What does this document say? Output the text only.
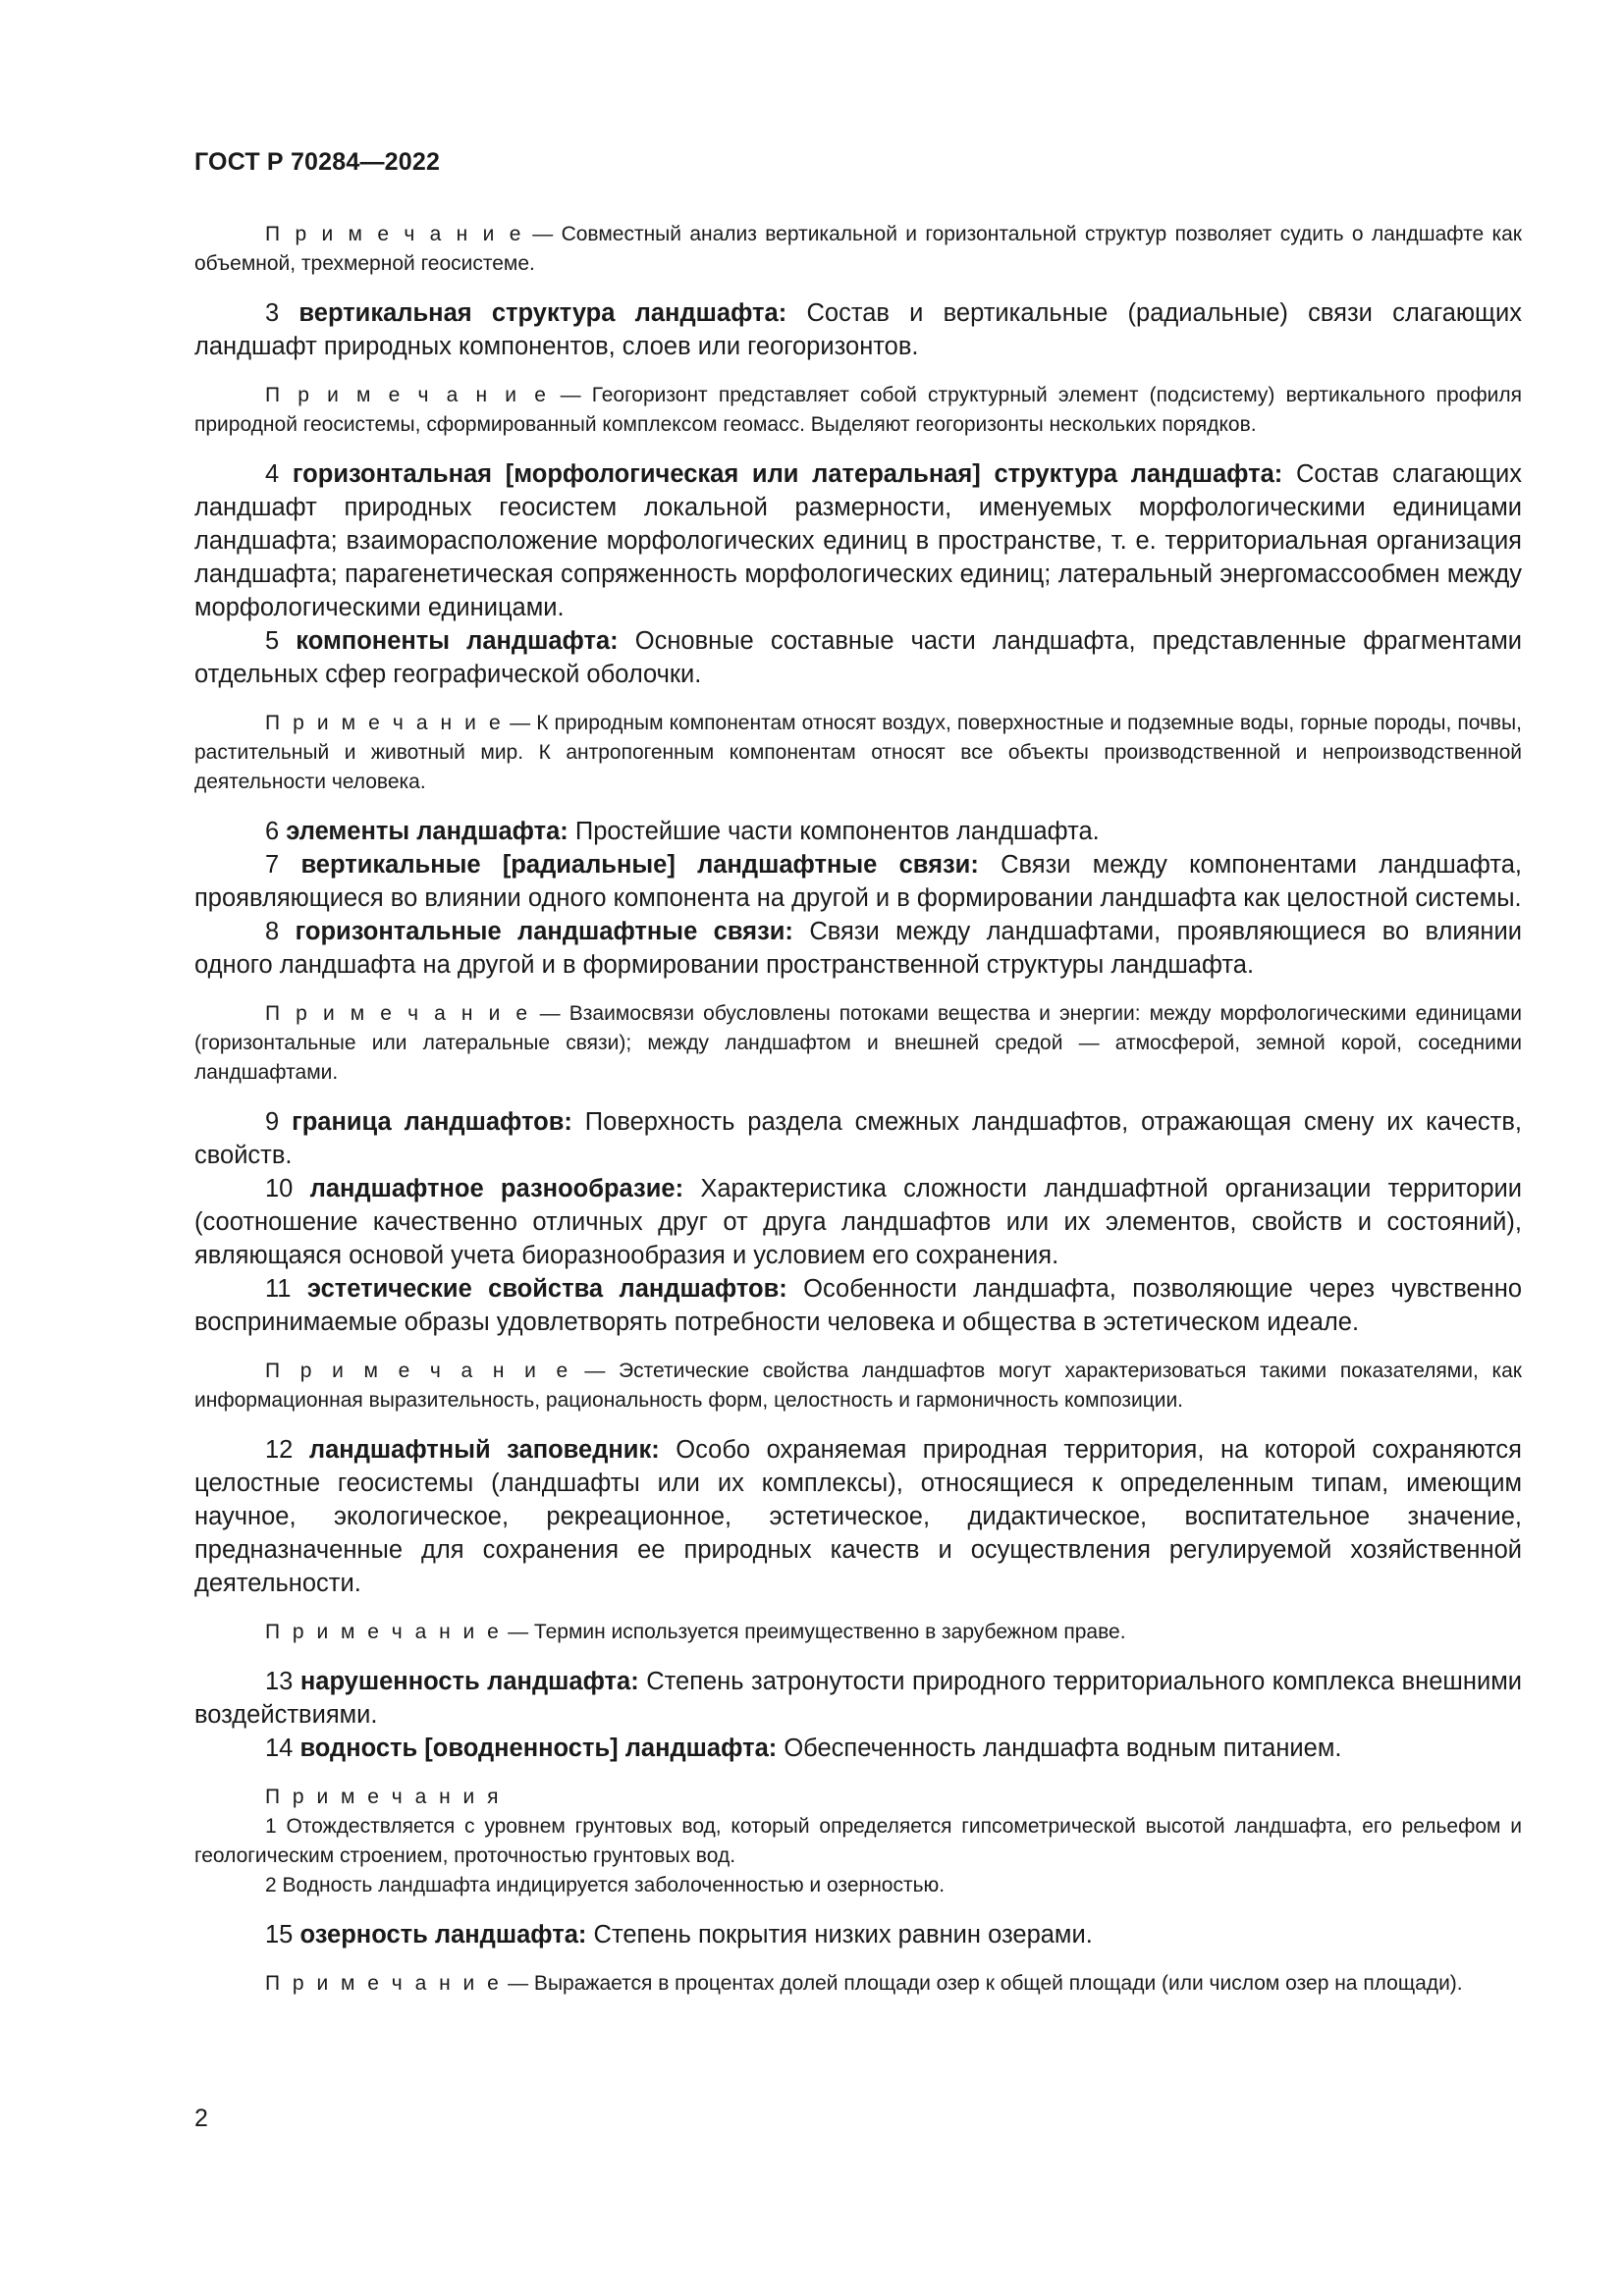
ГОСТ Р 70284—2022

П р и м е ч а н и е — Совместный анализ вертикальной и горизонтальной структур позволяет судить о ландшафте как объемной, трехмерной геосистеме.

3 вертикальная структура ландшафта: Состав и вертикальные (радиальные) связи слагающих ландшафт природных компонентов, слоев или геогоризонтов.

П р и м е ч а н и е — Геогоризонт представляет собой структурный элемент (подсистему) вертикального профиля природной геосистемы, сформированный комплексом геомасс. Выделяют геогоризонты нескольких порядков.

4 горизонтальная [морфологическая или латеральная] структура ландшафта: Состав слагающих ландшафт природных геосистем локальной размерности, именуемых морфологическими единицами ландшафта; взаиморасположение морфологических единиц в пространстве, т. е. территориальная организация ландшафта; парагенетическая сопряженность морфологических единиц; латеральный энергомассообмен между морфологическими единицами.

5 компоненты ландшафта: Основные составные части ландшафта, представленные фрагментами отдельных сфер географической оболочки.

П р и м е ч а н и е — К природным компонентам относят воздух, поверхностные и подземные воды, горные породы, почвы, растительный и животный мир. К антропогенным компонентам относят все объекты производственной и непроизводственной деятельности человека.

6 элементы ландшафта: Простейшие части компонентов ландшафта.

7 вертикальные [радиальные] ландшафтные связи: Связи между компонентами ландшафта, проявляющиеся во влиянии одного компонента на другой и в формировании ландшафта как целостной системы.

8 горизонтальные ландшафтные связи: Связи между ландшафтами, проявляющиеся во влиянии одного ландшафта на другой и в формировании пространственной структуры ландшафта.

П р и м е ч а н и е — Взаимосвязи обусловлены потоками вещества и энергии: между морфологическими единицами (горизонтальные или латеральные связи); между ландшафтом и внешней средой — атмосферой, земной корой, соседними ландшафтами.

9 граница ландшафтов: Поверхность раздела смежных ландшафтов, отражающая смену их качеств, свойств.

10 ландшафтное разнообразие: Характеристика сложности ландшафтной организации территории (соотношение качественно отличных друг от друга ландшафтов или их элементов, свойств и состояний), являющаяся основой учета биоразнообразия и условием его сохранения.

11 эстетические свойства ландшафтов: Особенности ландшафта, позволяющие через чувственно воспринимаемые образы удовлетворять потребности человека и общества в эстетическом идеале.

П р и м е ч а н и е — Эстетические свойства ландшафтов могут характеризоваться такими показателями, как информационная выразительность, рациональность форм, целостность и гармоничность композиции.

12 ландшафтный заповедник: Особо охраняемая природная территория, на которой сохраняются целостные геосистемы (ландшафты или их комплексы), относящиеся к определенным типам, имеющим научное, экологическое, рекреационное, эстетическое, дидактическое, воспитательное значение, предназначенные для сохранения ее природных качеств и осуществления регулируемой хозяйственной деятельности.

П р и м е ч а н и е — Термин используется преимущественно в зарубежном праве.

13 нарушенность ландшафта: Степень затронутости природного территориального комплекса внешними воздействиями.

14 водность [оводненность] ландшафта: Обеспеченность ландшафта водным питанием.

П р и м е ч а н и я

1 Отождествляется с уровнем грунтовых вод, который определяется гипсометрической высотой ландшафта, его рельефом и геологическим строением, проточностью грунтовых вод.

2 Водность ландшафта индицируется заболоченностью и озерностью.

15 озерность ландшафта: Степень покрытия низких равнин озерами.

П р и м е ч а н и е — Выражается в процентах долей площади озер к общей площади (или числом озер на площади).

2
